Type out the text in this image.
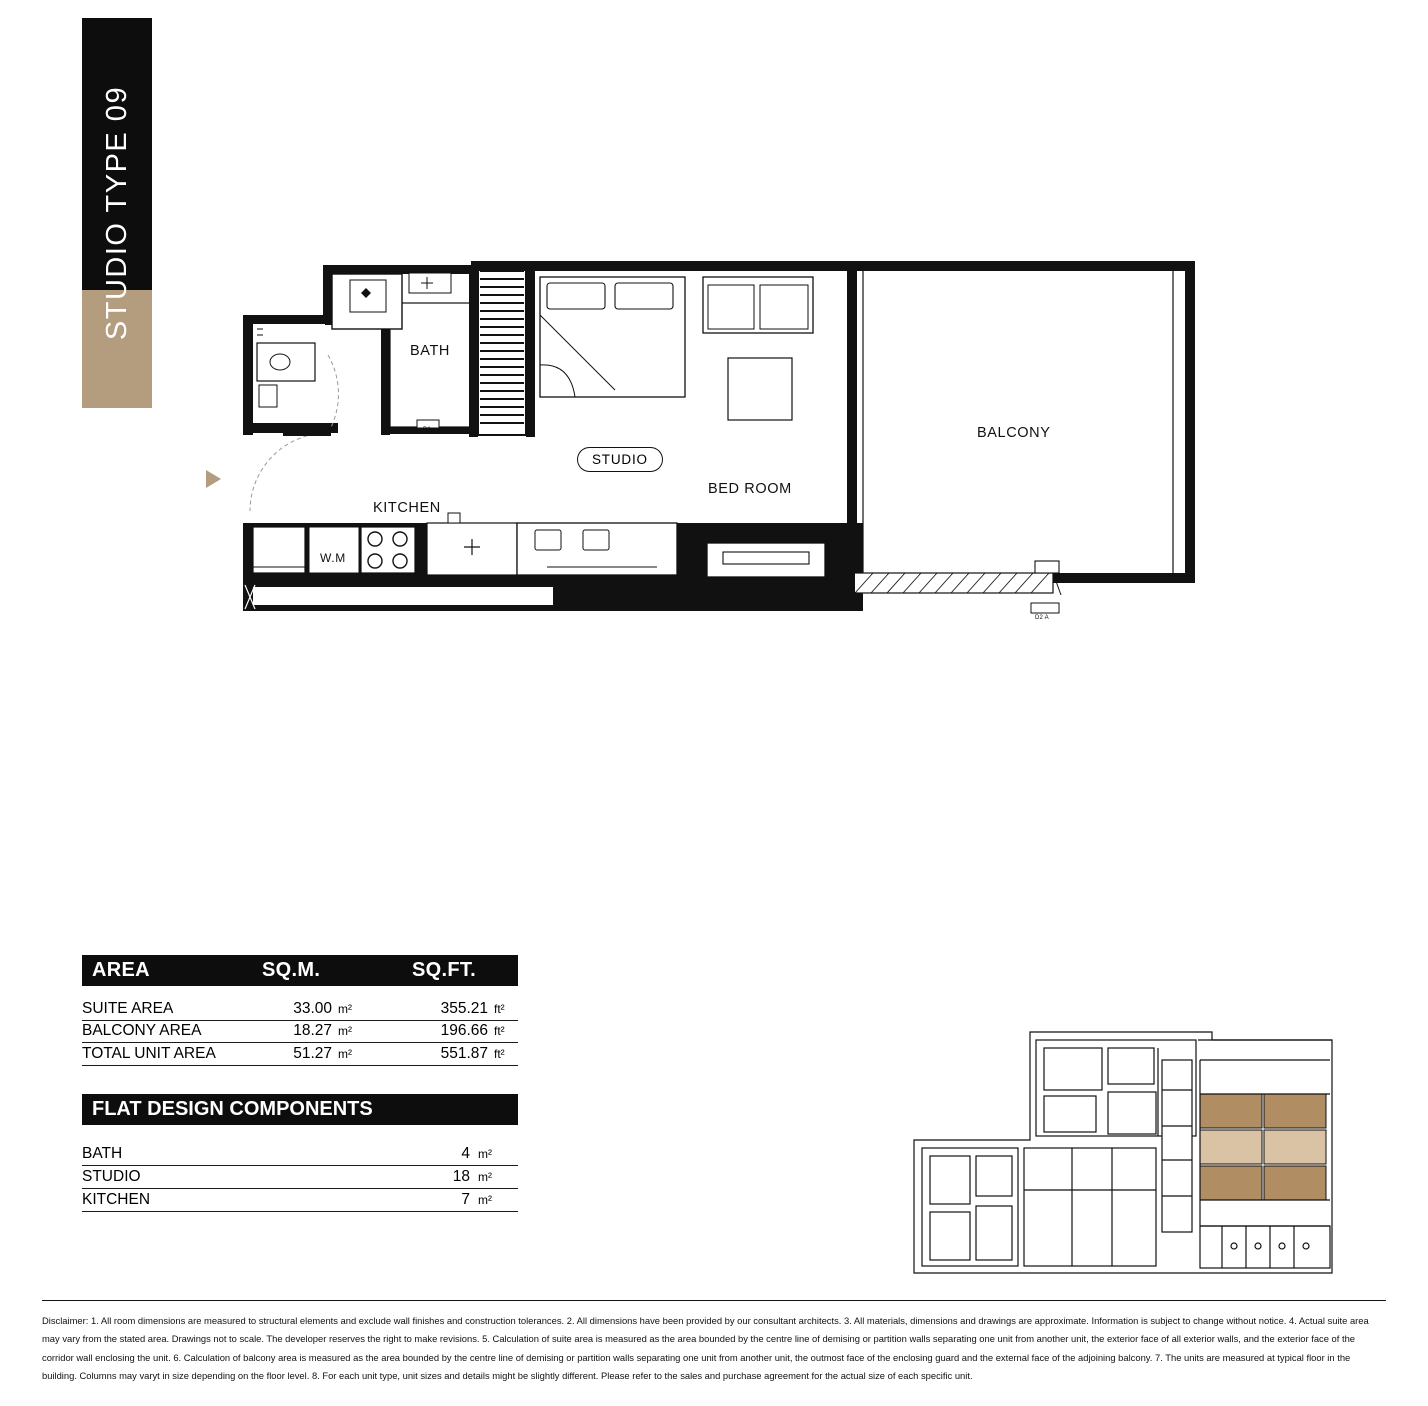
STUDIO TYPE 09
BATH
STUDIO
BED ROOM
KITCHEN
BALCONY
W.M
D1	D1
TEL	D2
D2 A
AREA	SQ.M.	SQ.FT.
SUITE AREA	33.00 m²	355.21 ft²
BALCONY AREA	18.27 m²	196.66 ft²
TOTAL UNIT AREA	51.27 m²	551.87 ft²
FLAT DESIGN COMPONENTS
BATH	4 m²
STUDIO	18 m²
KITCHEN	7 m²
Disclaimer: 1. All room dimensions are measured to structural elements and exclude wall finishes and construction tolerances. 2. All dimensions have been provided by our consultant architects. 3. All materials, dimensions and drawings are approximate. Information is subject to change without notice. 4. Actual suite area may vary from the stated area. Drawings not to scale. The developer reserves the right to make revisions. 5. Calculation of suite area is measured as the area bounded by the centre line of demising or partition walls separating one unit from another unit, the exterior face of all exterior walls, and the exterior face of the corridor wall enclosing the unit. 6. Calculation of balcony area is measured as the area bounded by the centre line of demising or partition walls separating one unit from another unit, the outmost face of the enclosing guard and the external face of the adjoining balcony. 7. The units are measured at typical floor in the building. Columns may varyt in size depending on the floor level. 8. For each unit type, unit sizes and details might be slightly different. Please refer to the sales and purchase agreement for the actual size of each specific unit.
